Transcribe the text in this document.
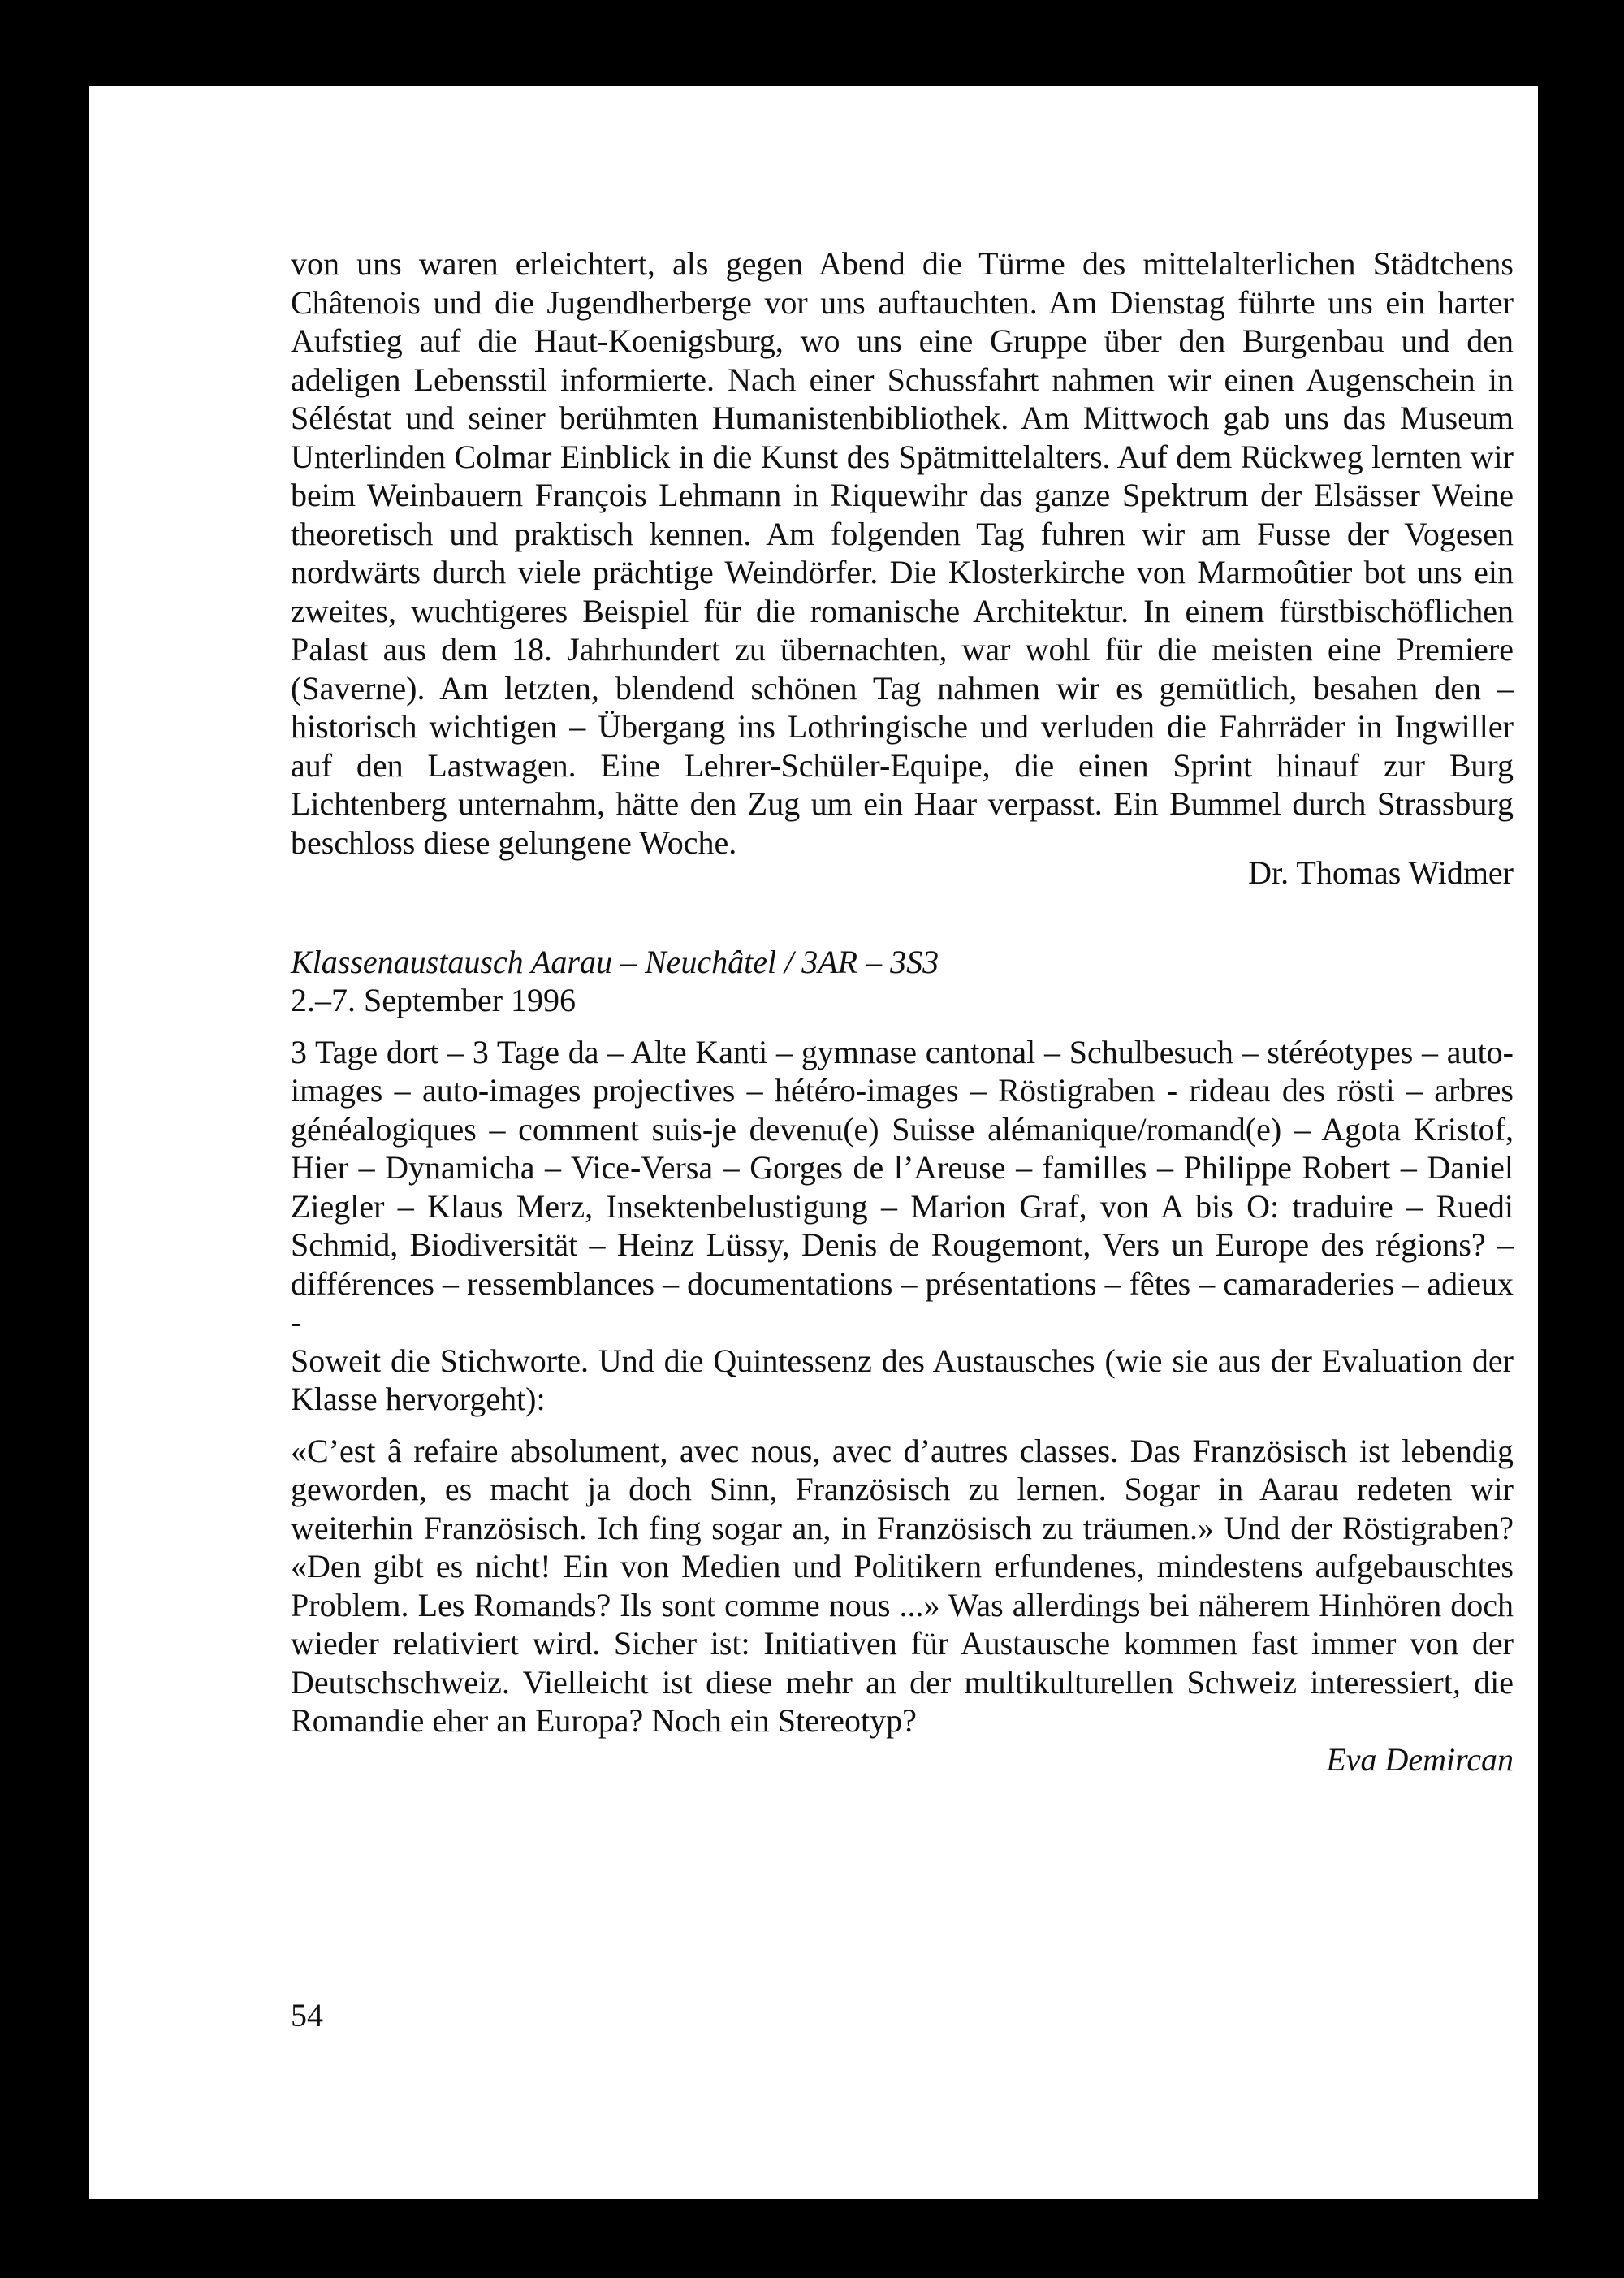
von uns waren erleichtert, als gegen Abend die Türme des mittelalterlichen Städtchens Châtenois und die Jugendherberge vor uns auftauchten. Am Dienstag führte uns ein harter Aufstieg auf die Haut-Koenigsburg, wo uns eine Gruppe über den Burgenbau und den adeligen Lebensstil informierte. Nach einer Schussfahrt nahmen wir einen Augenschein in Séléstat und seiner berühmten Humanistenbibliothek. Am Mittwoch gab uns das Museum Unterlinden Colmar Einblick in die Kunst des Spätmittelalters. Auf dem Rückweg lernten wir beim Weinbauern François Lehmann in Riquewihr das ganze Spektrum der Elsässer Weine theoretisch und praktisch kennen. Am folgenden Tag fuhren wir am Fusse der Vogesen nordwärts durch viele prächtige Weindörfer. Die Klosterkirche von Marmoûtier bot uns ein zweites, wuchtigeres Beispiel für die romanische Architektur. In einem fürstbischöflichen Palast aus dem 18. Jahrhundert zu übernachten, war wohl für die meisten eine Premiere (Saverne). Am letzten, blendend schönen Tag nahmen wir es gemütlich, besahen den – historisch wichtigen – Übergang ins Lothringische und verluden die Fahrräder in Ingwiller auf den Lastwagen. Eine Lehrer-Schüler-Equipe, die einen Sprint hinauf zur Burg Lichtenberg unternahm, hätte den Zug um ein Haar verpasst. Ein Bummel durch Strassburg beschloss diese gelungene Woche.

Dr. Thomas Widmer
Klassenaustausch Aarau – Neuchâtel / 3AR – 3S3
2.–7. September 1996

3 Tage dort – 3 Tage da – Alte Kanti – gymnase cantonal – Schulbesuch – stéréotypes – auto-images – auto-images projectives – hétéro-images – Röstigraben - rideau des rösti – arbres généalogiques – comment suis-je devenu(e) Suisse alémanique/romand(e) – Agota Kristof, Hier – Dynamicha – Vice-Versa – Gorges de l’Areuse – familles – Philippe Robert – Daniel Ziegler – Klaus Merz, Insektenbelustigung – Marion Graf, von A bis O: traduire – Ruedi Schmid, Biodiversität – Heinz Lüssy, Denis de Rougemont, Vers un Europe des régions? – différences – ressemblances – documentations – présentations – fêtes – camaraderies – adieux -

Soweit die Stichworte. Und die Quintessenz des Austausches (wie sie aus der Evaluation der Klasse hervorgeht):

«C’est â refaire absolument, avec nous, avec d’autres classes. Das Französisch ist lebendig geworden, es macht ja doch Sinn, Französisch zu lernen. Sogar in Aarau redeten wir weiterhin Französisch. Ich fing sogar an, in Französisch zu träumen.» Und der Röstigraben? «Den gibt es nicht! Ein von Medien und Politikern erfundenes, mindestens aufgebauschtes Problem. Les Romands? Ils sont comme nous ...» Was allerdings bei näherem Hinhören doch wieder relativiert wird. Sicher ist: Initiativen für Austausche kommen fast immer von der Deutschschweiz. Vielleicht ist diese mehr an der multikulturellen Schweiz interessiert, die Romandie eher an Europa? Noch ein Stereotyp?

Eva Demircan
54
